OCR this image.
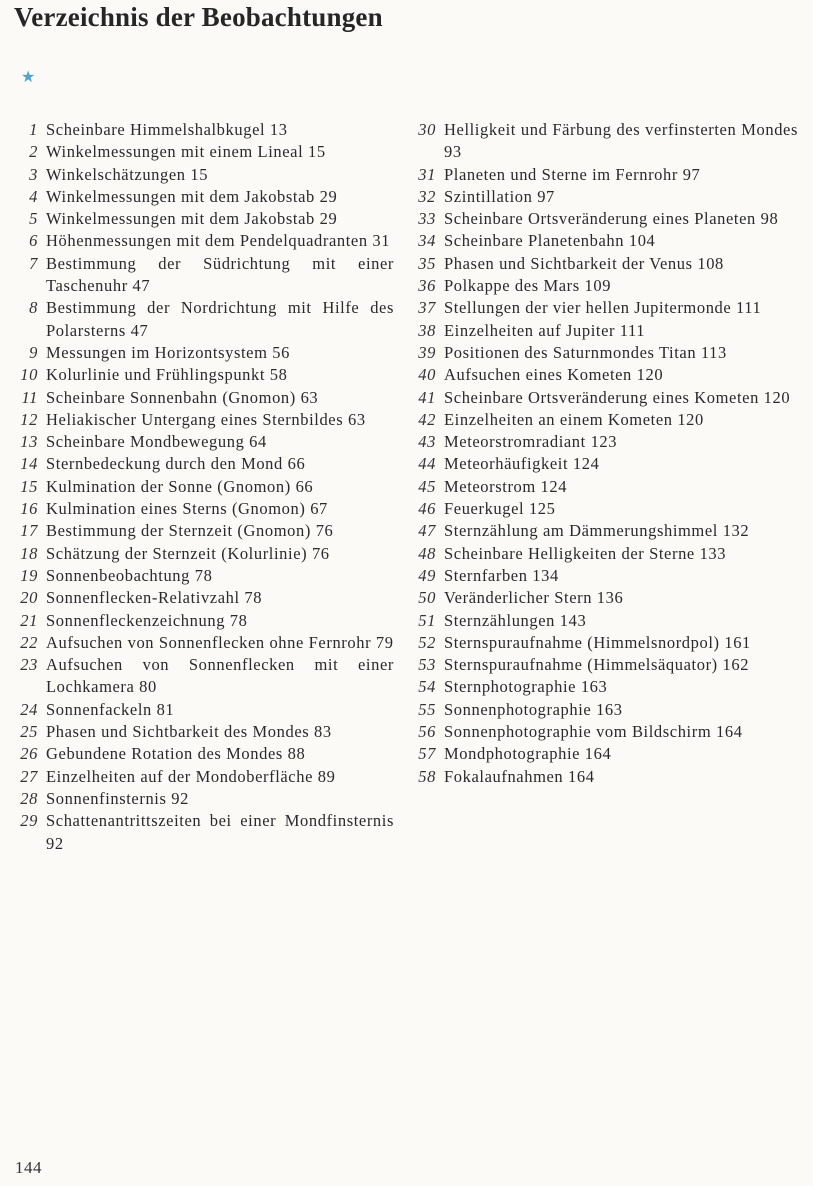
Verzeichnis der Beobachtungen
★
1 Scheinbare Himmelshalbkugel 13
2 Winkelmessungen mit einem Lineal 15
3 Winkelschätzungen 15
4 Winkelmessungen mit dem Jakobstab 29
5 Winkelmessungen mit dem Jakobstab 29
6 Höhenmessungen mit dem Pendelquadranten 31
7 Bestimmung der Südrichtung mit einer Taschenuhr 47
8 Bestimmung der Nordrichtung mit Hilfe des Polarsterns 47
9 Messungen im Horizontsystem 56
10 Kolurlinie und Frühlingspunkt 58
11 Scheinbare Sonnenbahn (Gnomon) 63
12 Heliakischer Untergang eines Sternbildes 63
13 Scheinbare Mondbewegung 64
14 Sternbedeckung durch den Mond 66
15 Kulmination der Sonne (Gnomon) 66
16 Kulmination eines Sterns (Gnomon) 67
17 Bestimmung der Sternzeit (Gnomon) 76
18 Schätzung der Sternzeit (Kolurlinie) 76
19 Sonnenbeobachtung 78
20 Sonnenflecken-Relativzahl 78
21 Sonnenfleckenzeichnung 78
22 Aufsuchen von Sonnenflecken ohne Fernrohr 79
23 Aufsuchen von Sonnenflecken mit einer Lochkamera 80
24 Sonnenfackeln 81
25 Phasen und Sichtbarkeit des Mondes 83
26 Gebundene Rotation des Mondes 88
27 Einzelheiten auf der Mondoberfläche 89
28 Sonnenfinsternis 92
29 Schattenantrittszeiten bei einer Mondfinsternis 92
30 Helligkeit und Färbung des verfinsterten Mondes 93
31 Planeten und Sterne im Fernrohr 97
32 Szintillation 97
33 Scheinbare Ortsveränderung eines Planeten 98
34 Scheinbare Planetenbahn 104
35 Phasen und Sichtbarkeit der Venus 108
36 Polkappe des Mars 109
37 Stellungen der vier hellen Jupitermonde 111
38 Einzelheiten auf Jupiter 111
39 Positionen des Saturnmondes Titan 113
40 Aufsuchen eines Kometen 120
41 Scheinbare Ortsveränderung eines Kometen 120
42 Einzelheiten an einem Kometen 120
43 Meteorstromradiant 123
44 Meteorhäufigkeit 124
45 Meteorstrom 124
46 Feuerkugel 125
47 Sternzählung am Dämmerungshimmel 132
48 Scheinbare Helligkeiten der Sterne 133
49 Sternfarben 134
50 Veränderlicher Stern 136
51 Sternzählungen 143
52 Sternspuraufnahme (Himmelsnordpol) 161
53 Sternspuraufnahme (Himmelsäquator) 162
54 Sternphotographie 163
55 Sonnenphotographie 163
56 Sonnenphotographie vom Bildschirm 164
57 Mondphotographie 164
58 Fokalaufnahmen 164
144
